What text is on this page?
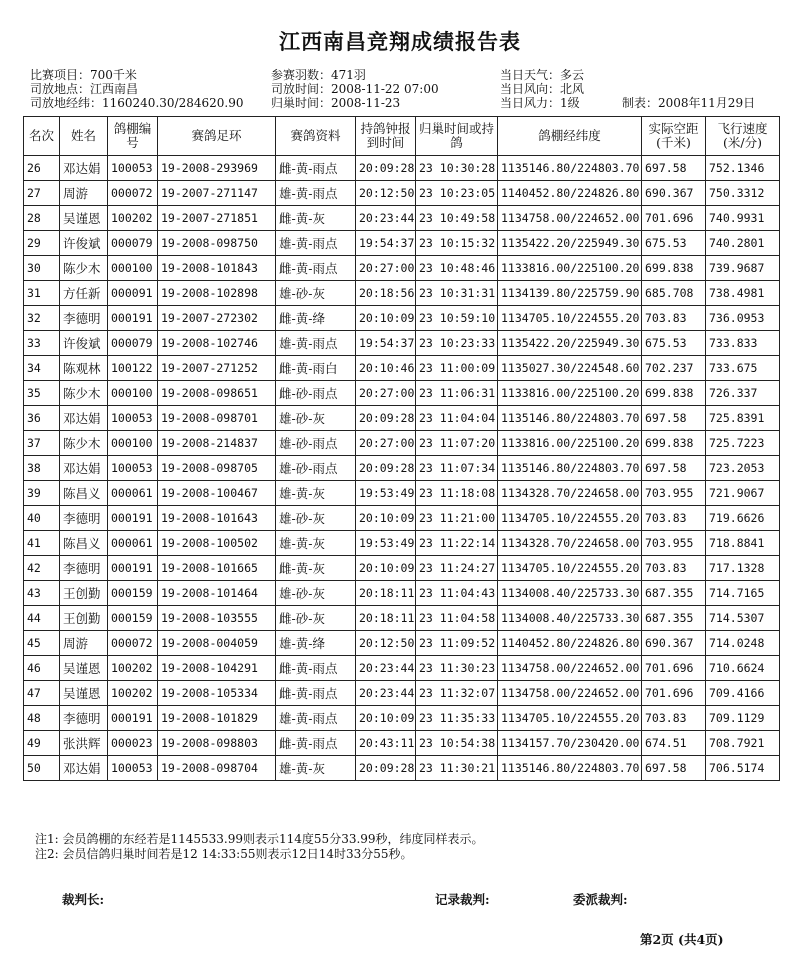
江西南昌竞翔成绩报告表
比赛项目：700千米
司放地点：江西南昌
司放地经纬：1160240.30/284620.90
参赛羽数：471羽
司放时间：2008-11-22 07:00
归巢时间：2008-11-23
当日天气：多云
当日风向：北风
当日风力：1级	制表：2008年11月29日
名次	姓名	鸽棚编号	赛鸽足环	赛鸽资料	持鸽钟报到时间	归巢时间或持鸽	鸽棚经纬度	实际空距(千米)	飞行速度(米/分)
26	邓达娟	100053	19-2008-293969	雌-黄-雨点	20:09:28	23 10:30:28	1135146.80/224803.70	697.58	752.1346
27	周游	000072	19-2007-271147	雄-黄-雨点	20:12:50	23 10:23:05	1140452.80/224826.80	690.367	750.3312
28	吴谨恩	100202	19-2007-271851	雌-黄-灰	20:23:44	23 10:49:58	1134758.00/224652.00	701.696	740.9931
29	许俊斌	000079	19-2008-098750	雄-黄-雨点	19:54:37	23 10:15:32	1135422.20/225949.30	675.53	740.2801
30	陈少木	000100	19-2008-101843	雌-黄-雨点	20:27:00	23 10:48:46	1133816.00/225100.20	699.838	739.9687
31	方任新	000091	19-2008-102898	雄-砂-灰	20:18:56	23 10:31:31	1134139.80/225759.90	685.708	738.4981
32	李德明	000191	19-2007-272302	雌-黄-绛	20:10:09	23 10:59:10	1134705.10/224555.20	703.83	736.0953
33	许俊斌	000079	19-2008-102746	雄-黄-雨点	19:54:37	23 10:23:33	1135422.20/225949.30	675.53	733.833
34	陈观林	100122	19-2007-271252	雌-黄-雨白	20:10:46	23 11:00:09	1135027.30/224548.60	702.237	733.675
35	陈少木	000100	19-2008-098651	雌-砂-雨点	20:27:00	23 11:06:31	1133816.00/225100.20	699.838	726.337
36	邓达娟	100053	19-2008-098701	雄-砂-灰	20:09:28	23 11:04:04	1135146.80/224803.70	697.58	725.8391
37	陈少木	000100	19-2008-214837	雄-砂-雨点	20:27:00	23 11:07:20	1133816.00/225100.20	699.838	725.7223
38	邓达娟	100053	19-2008-098705	雄-砂-雨点	20:09:28	23 11:07:34	1135146.80/224803.70	697.58	723.2053
39	陈昌义	000061	19-2008-100467	雄-黄-灰	19:53:49	23 11:18:08	1134328.70/224658.00	703.955	721.9067
40	李德明	000191	19-2008-101643	雄-砂-灰	20:10:09	23 11:21:00	1134705.10/224555.20	703.83	719.6626
41	陈昌义	000061	19-2008-100502	雄-黄-灰	19:53:49	23 11:22:14	1134328.70/224658.00	703.955	718.8841
42	李德明	000191	19-2008-101665	雌-黄-灰	20:10:09	23 11:24:27	1134705.10/224555.20	703.83	717.1328
43	王创勤	000159	19-2008-101464	雄-砂-灰	20:18:11	23 11:04:43	1134008.40/225733.30	687.355	714.7165
44	王创勤	000159	19-2008-103555	雌-砂-灰	20:18:11	23 11:04:58	1134008.40/225733.30	687.355	714.5307
45	周游	000072	19-2008-004059	雄-黄-绛	20:12:50	23 11:09:52	1140452.80/224826.80	690.367	714.0248
46	吴谨恩	100202	19-2008-104291	雌-黄-雨点	20:23:44	23 11:30:23	1134758.00/224652.00	701.696	710.6624
47	吴谨恩	100202	19-2008-105334	雌-黄-雨点	20:23:44	23 11:32:07	1134758.00/224652.00	701.696	709.4166
48	李德明	000191	19-2008-101829	雄-黄-雨点	20:10:09	23 11:35:33	1134705.10/224555.20	703.83	709.1129
49	张洪辉	000023	19-2008-098803	雌-黄-雨点	20:43:11	23 10:54:38	1134157.70/230420.00	674.51	708.7921
50	邓达娟	100053	19-2008-098704	雄-黄-灰	20:09:28	23 11:30:21	1135146.80/224803.70	697.58	706.5174
注1: 会员鸽棚的东经若是1145533.99则表示114度55分33.99秒，纬度同样表示。
注2: 会员信鸽归巢时间若是12 14:33:55则表示12日14时33分55秒。
裁判长:	记录裁判:	委派裁判:
第2页 (共4页)
